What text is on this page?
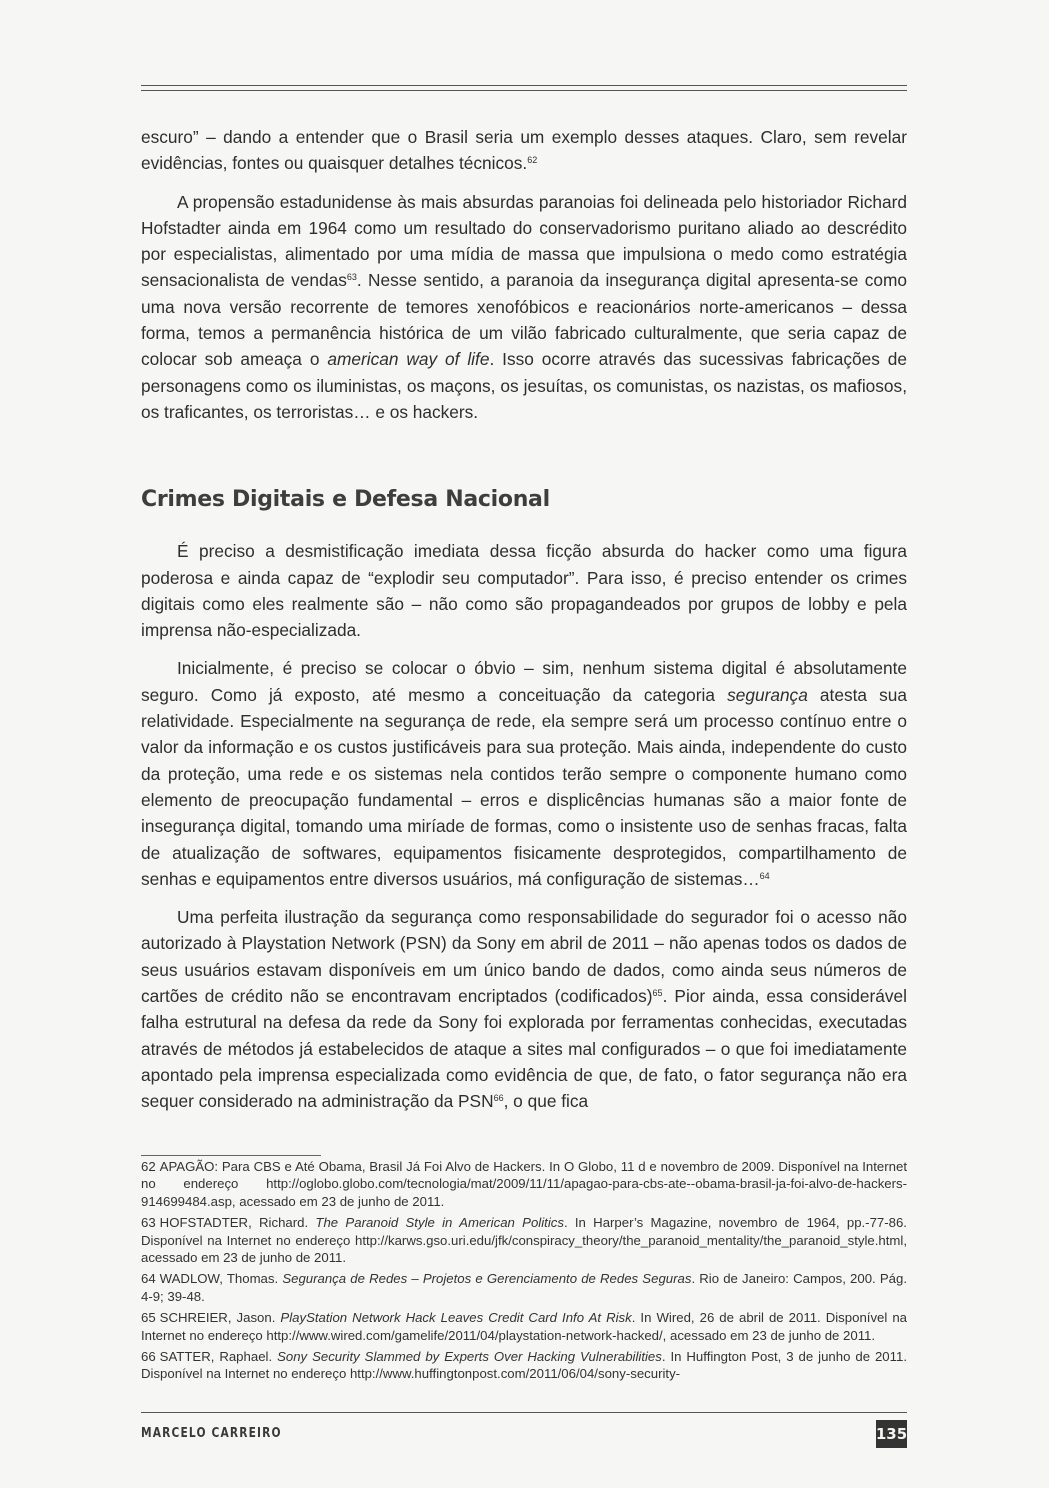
escuro” – dando a entender que o Brasil seria um exemplo desses ataques. Claro, sem revelar evidências, fontes ou quaisquer detalhes técnicos.$^{62}$

A propensão estadunidense às mais absurdas paranoias foi delineada pelo historiador Richard Hofstadter ainda em 1964 como um resultado do conservadorismo puritano aliado ao descrédito por especialistas, alimentado por uma mídia de massa que impulsiona o medo como estratégia sensacionalista de vendas$^{63}$. Nesse sentido, a paranoia da insegurança digital apresenta-se como uma nova versão recorrente de temores xenofóbicos e reacionários norte-americanos – dessa forma, temos a permanência histórica de um vilão fabricado culturalmente, que seria capaz de colocar sob ameaça o american way of life. Isso ocorre através das sucessivas fabricações de personagens como os iluministas, os maçons, os jesuítas, os comunistas, os nazistas, os mafiosos, os traficantes, os terroristas… e os hackers.

Crimes Digitais e Defesa Nacional

É preciso a desmistificação imediata dessa ficção absurda do hacker como uma figura poderosa e ainda capaz de “explodir seu computador”. Para isso, é preciso entender os crimes digitais como eles realmente são – não como são propagandeados por grupos de lobby e pela imprensa não-especializada.

Inicialmente, é preciso se colocar o óbvio – sim, nenhum sistema digital é absolutamente seguro. Como já exposto, até mesmo a conceituação da categoria segurança atesta sua relatividade. Especialmente na segurança de rede, ela sempre será um processo contínuo entre o valor da informação e os custos justificáveis para sua proteção. Mais ainda, independente do custo da proteção, uma rede e os sistemas nela contidos terão sempre o componente humano como elemento de preocupação fundamental – erros e displicências humanas são a maior fonte de insegurança digital, tomando uma miríade de formas, como o insistente uso de senhas fracas, falta de atualização de softwares, equipamentos fisicamente desprotegidos, compartilhamento de senhas e equipamentos entre diversos usuários, má configuração de sistemas…$^{64}$

Uma perfeita ilustração da segurança como responsabilidade do segurador foi o acesso não autorizado à Playstation Network (PSN) da Sony em abril de 2011 – não apenas todos os dados de seus usuários estavam disponíveis em um único bando de dados, como ainda seus números de cartões de crédito não se encontravam encriptados (codificados)$^{65}$. Pior ainda, essa considerável falha estrutural na defesa da rede da Sony foi explorada por ferramentas conhecidas, executadas através de métodos já estabelecidos de ataque a sites mal configurados – o que foi imediatamente apontado pela imprensa especializada como evidência de que, de fato, o fator segurança não era sequer considerado na administração da PSN$^{66}$, o que fica

62 APAGÃO: Para CBS e Até Obama, Brasil Já Foi Alvo de Hackers. In O Globo, 11 d e novembro de 2009. Disponível na Internet no endereço http://oglobo.globo.com/tecnologia/mat/2009/11/11/apagao-para-cbs-ate--obama-brasil-ja-foi-alvo-de-hackers-914699484.asp, acessado em 23 de junho de 2011.

63 HOFSTADTER, Richard. The Paranoid Style in American Politics. In Harper’s Magazine, novembro de 1964, pp.-77-86. Disponível na Internet no endereço http://karws.gso.uri.edu/jfk/conspiracy_theory/the_paranoid_mentality/the_paranoid_style.html, acessado em 23 de junho de 2011.

64 WADLOW, Thomas. Segurança de Redes – Projetos e Gerenciamento de Redes Seguras. Rio de Janeiro: Campos, 200. Pág. 4-9; 39-48.

65 SCHREIER, Jason. PlayStation Network Hack Leaves Credit Card Info At Risk. In Wired, 26 de abril de 2011. Disponível na Internet no endereço http://www.wired.com/gamelife/2011/04/playstation-network-hacked/, acessado em 23 de junho de 2011.

66 SATTER, Raphael. Sony Security Slammed by Experts Over Hacking Vulnerabilities. In Huffington Post, 3 de junho de 2011. Disponível na Internet no endereço http://www.huffingtonpost.com/2011/06/04/sony-security-

MARCELO CARREIRO	135
